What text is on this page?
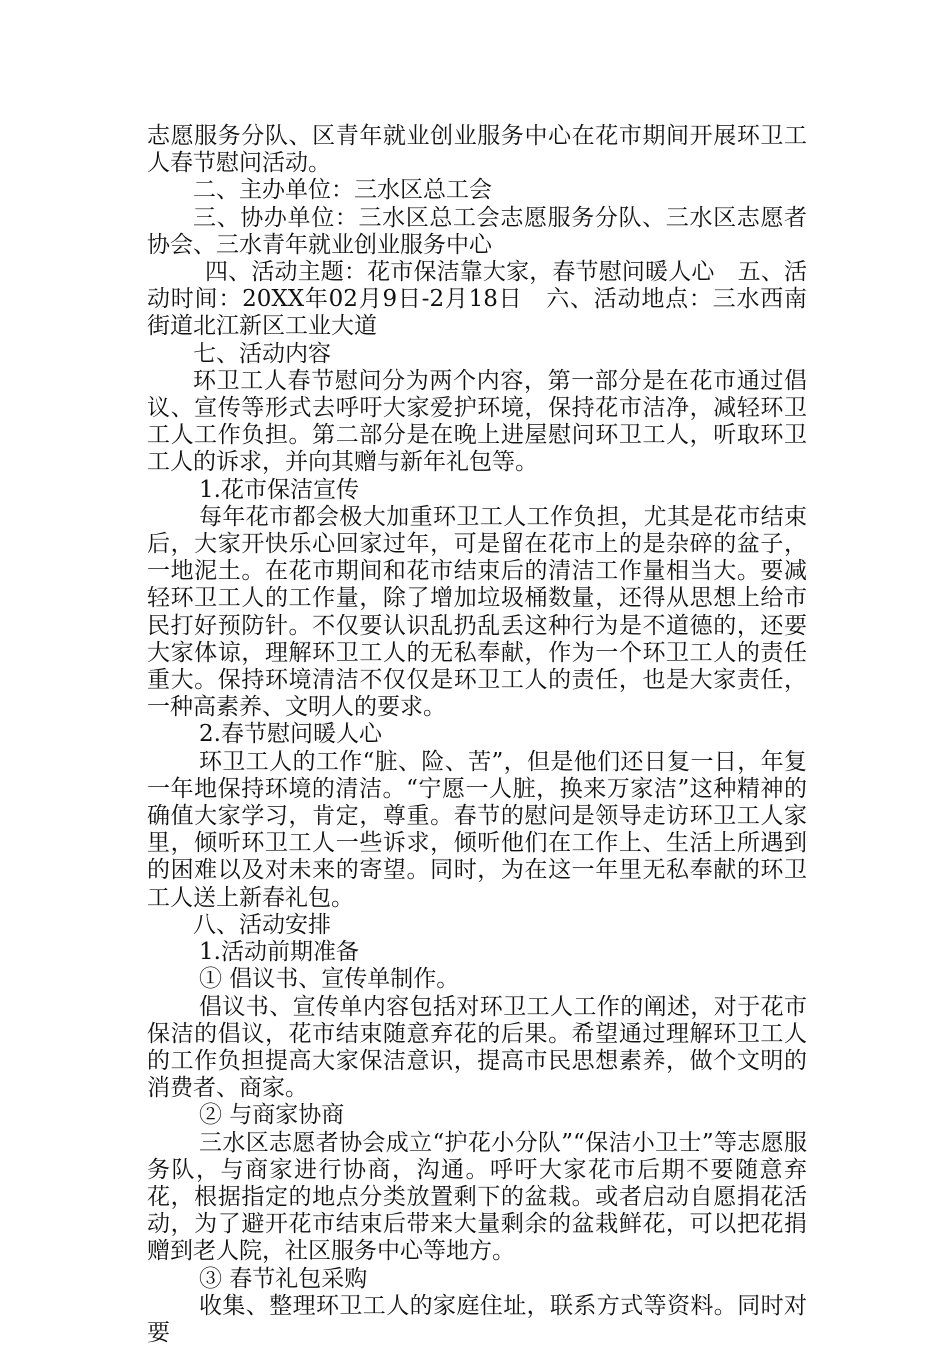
志愿服务分队、区青年就业创业服务中心在花市期间开展环卫工人春节慰问活动。

二、主办单位：三水区总工会

三、协办单位：三水区总工会志愿服务分队、三水区志愿者协会、三水青年就业创业服务中心

四、活动主题：花市保洁靠大家，春节慰问暖人心　五、活动时间：20XX年02月9日-2月18日　六、活动地点：三水西南街道北江新区工业大道

七、活动内容

环卫工人春节慰问分为两个内容，第一部分是在花市通过倡议、宣传等形式去呼吁大家爱护环境，保持花市洁净，减轻环卫工人工作负担。第二部分是在晚上进屋慰问环卫工人，听取环卫工人的诉求，并向其赠与新年礼包等。

1.花市保洁宣传

每年花市都会极大加重环卫工人工作负担，尤其是花市结束后，大家开快乐心回家过年，可是留在花市上的是杂碎的盆子，一地泥土。在花市期间和花市结束后的清洁工作量相当大。要减轻环卫工人的工作量，除了增加垃圾桶数量，还得从思想上给市民打好预防针。不仅要认识乱扔乱丢这种行为是不道德的，还要大家体谅，理解环卫工人的无私奉献，作为一个环卫工人的责任重大。保持环境清洁不仅仅是环卫工人的责任，也是大家责任，一种高素养、文明人的要求。

2.春节慰问暖人心

环卫工人的工作“脏、险、苦”，但是他们还日复一日，年复一年地保持环境的清洁。“宁愿一人脏，换来万家洁”这种精神的确值大家学习，肯定，尊重。春节的慰问是领导走访环卫工人家里，倾听环卫工人一些诉求，倾听他们在工作上、生活上所遇到的困难以及对未来的寄望。同时，为在这一年里无私奉献的环卫工人送上新春礼包。

八、活动安排

1.活动前期准备

① 倡议书、宣传单制作。

倡议书、宣传单内容包括对环卫工人工作的阐述，对于花市保洁的倡议，花市结束随意弃花的后果。希望通过理解环卫工人的工作负担提高大家保洁意识，提高市民思想素养，做个文明的消费者、商家。

② 与商家协商

三水区志愿者协会成立“护花小分队”“保洁小卫士”等志愿服务队，与商家进行协商，沟通。呼吁大家花市后期不要随意弃花，根据指定的地点分类放置剩下的盆栽。或者启动自愿捐花活动，为了避开花市结束后带来大量剩余的盆栽鲜花，可以把花捐赠到老人院，社区服务中心等地方。

③ 春节礼包采购

收集、整理环卫工人的家庭住址，联系方式等资料。同时对要
